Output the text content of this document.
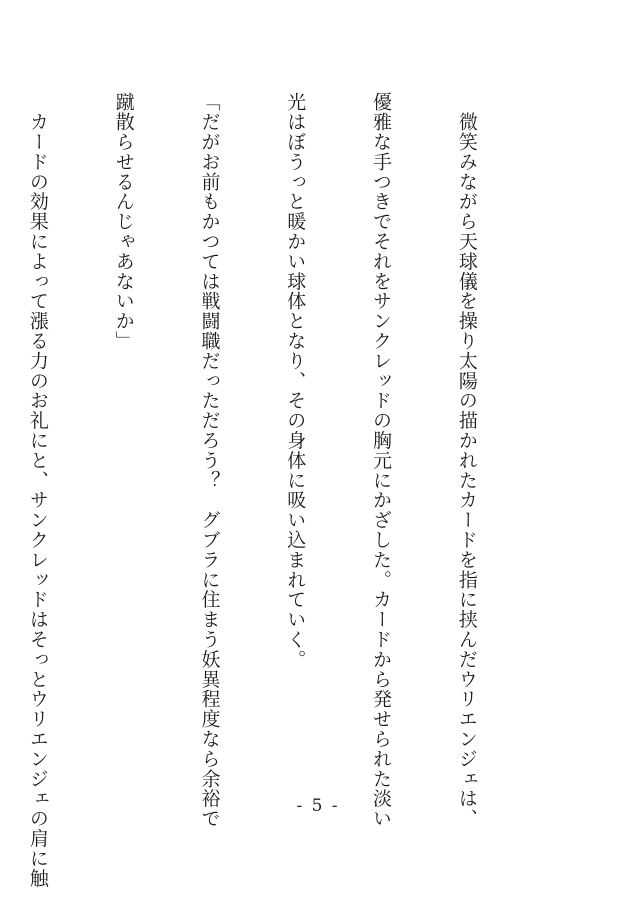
　微笑みながら天球儀を操り太陽の描かれたカードを指に挟んだウリエンジェは、

優雅な手つきでそれをサンクレッドの胸元にかざした。カードから発せられた淡い

光はぼうっと暖かい球体となり、その身体に吸い込まれていく。

「だがお前もかつては戦闘職だっただろう？　グブラに住まう妖異程度なら余裕で

蹴散らせるんじゃあないか」

　カードの効果によって漲る力のお礼にと、サンクレッドはそっとウリエンジェの肩に触

	- 5 -
